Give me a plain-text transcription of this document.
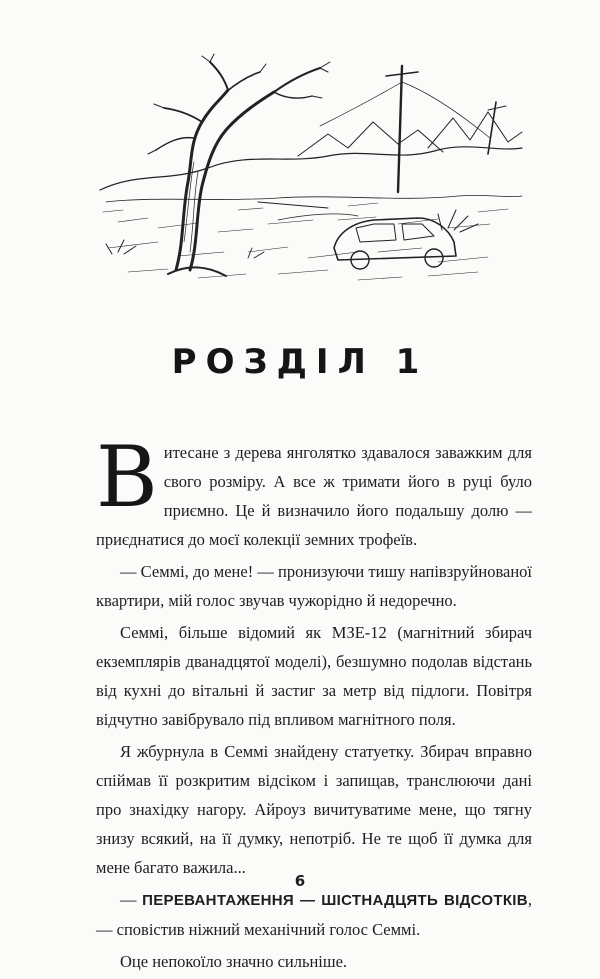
РОЗДІЛ 1

Витесане з дерева янголятко здавалося заважким для свого розміру. А все ж тримати його в руці було приємно. Це й визначило його подальшу долю — приєднатися до моєї колекції земних трофеїв.

— Семмі, до мене! — пронизуючи тишу напівзруйнованої квартири, мій голос звучав чужорідно й недоречно.

Семмі, більше відомий як МЗЕ-12 (магнітний збирач екземплярів дванадцятої моделі), безшумно подолав відстань від кухні до вітальні й застиг за метр від підлоги. Повітря відчутно завібрувало під впливом магнітного поля.

Я жбурнула в Семмі знайдену статуетку. Збирач вправно спіймав її розкритим відсіком і запищав, транслюючи дані про знахідку нагору. Айроуз вичитуватиме мене, що тягну знизу всякий, на її думку, непотріб. Не те щоб її думка для мене багато важила...

— ПЕРЕВАНТАЖЕННЯ — ШІСТНАДЦЯТЬ ВІДСОТКІВ, — сповістив ніжний механічний голос Семмі.

Оце непокоїло значно сильніше.

6
